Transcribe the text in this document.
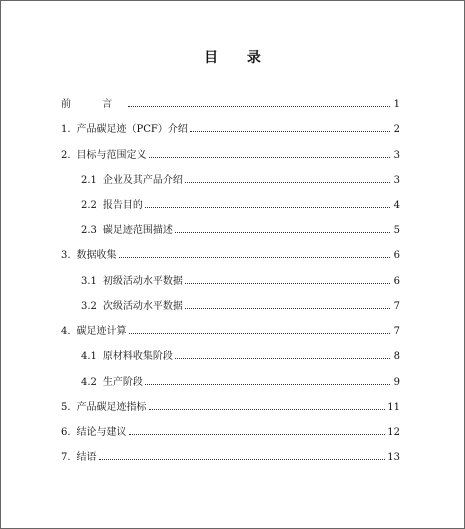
目 录
前 言	1
1. 产品碳足迹（PCF）介绍	2
2. 目标与范围定义	3
2.1 企业及其产品介绍	3
2.2 报告目的	4
2.3 碳足迹范围描述	5
3. 数据收集	6
3.1 初级活动水平数据	6
3.2 次级活动水平数据	7
4. 碳足迹计算	7
4.1 原材料收集阶段	8
4.2 生产阶段	9
5. 产品碳足迹指标	11
6. 结论与建议	12
7. 结语	13
